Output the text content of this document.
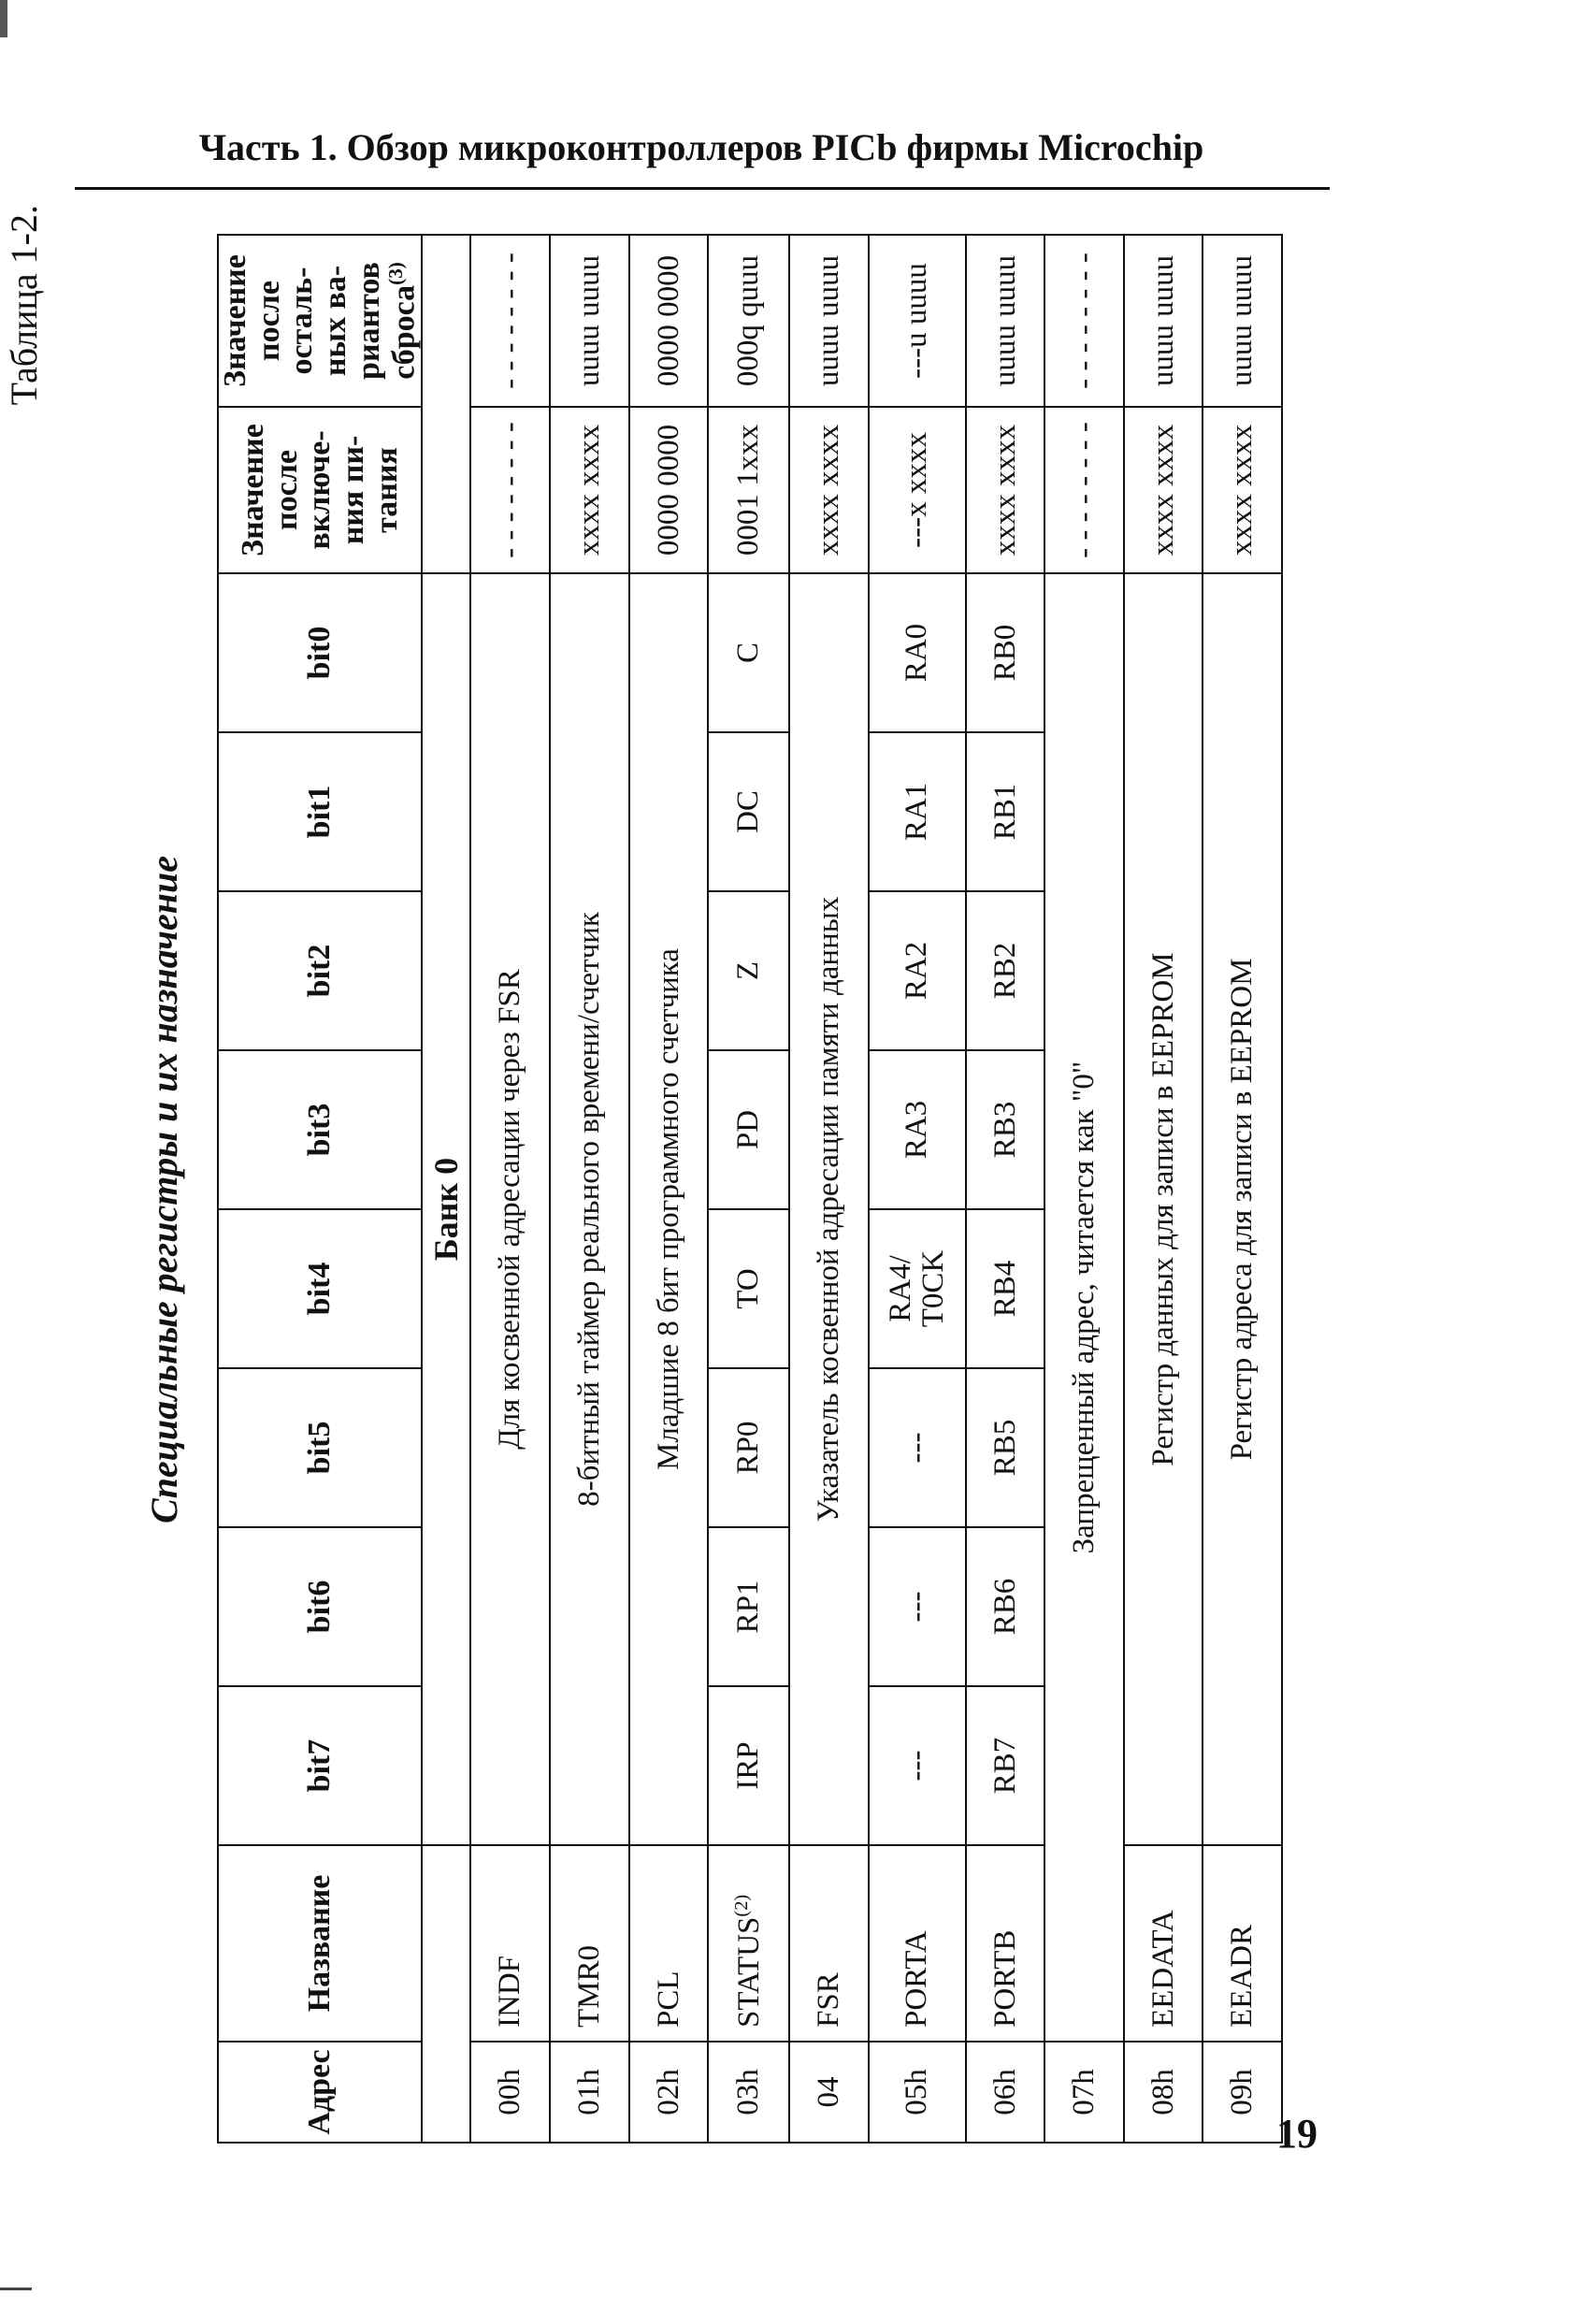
Часть 1. Обзор микроконтроллеров PICb фирмы Microchip
Таблица 1-2.
Специальные регистры и их назначение
Адрес	Название	bit7	bit6	bit5	bit4	bit3	bit2	bit1	bit0	Значение после включе-ния пи-тания	Значение после осталь-ных ва-риантов сброса$^{(3)}$
		Банк 0									
00h	INDF	Для косвенной адресации через FSR								- - - - - - - -	- - - - - - - -
01h	TMR0	8-битный таймер реального времени/счетчик								xxxx xxxx	uuuu uuuu
02h	PCL	Младшие 8 бит программного счетчика								0000 0000	0000 0000
03h	STATUS$^{(2)}$	IRP	RP1	RP0	TO	PD	Z	DC	C	0001 1xxx	000q quuu
04	FSR	Указатель косвенной адресации памяти данных								xxxx xxxx	uuuu uuuu
05h	PORTA	---	---	---	RA4/ T0CK	RA3	RA2	RA1	RA0	---x xxxx	---u uuuu
06h	PORTB	RB7	RB6	RB5	RB4	RB3	RB2	RB1	RB0	xxxx xxxx	uuuu uuuu
07h	Запрещенный адрес, читается как "0"									- - - - - - - -	- - - - - - - -
08h	EEDATA	Регистр данных для записи в EEPROM								xxxx xxxx	uuuu uuuu
09h	EEADR	Регистр адреса для записи в EEPROM								xxxx xxxx	uuuu uuuu
19
